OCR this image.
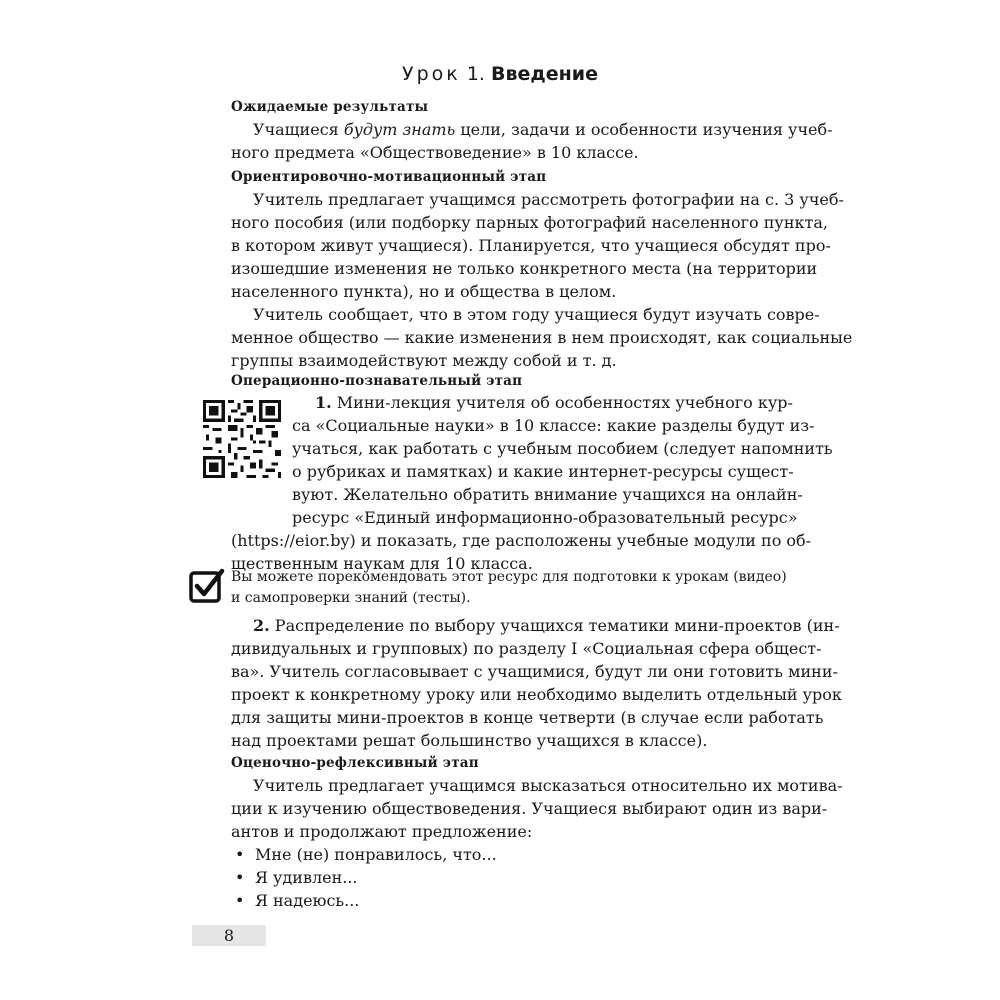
Урок 1. Введение
Ожидаемые результаты
Учащиеся будут знать цели, задачи и особенности изучения учеб-
ного предмета «Обществоведение» в 10 классе.
Ориентировочно-мотивационный этап
Учитель предлагает учащимся рассмотреть фотографии на с. 3 учеб-
ного пособия (или подборку парных фотографий населенного пункта,
в котором живут учащиеся). Планируется, что учащиеся обсудят про-
изошедшие изменения не только конкретного места (на территории
населенного пункта), но и общества в целом.
Учитель сообщает, что в этом году учащиеся будут изучать совре-
менное общество — какие изменения в нем происходят, как социальные
группы взаимодействуют между собой и т. д.
Операционно-познавательный этап
1. Мини-лекция учителя об особенностях учебного кур-
са «Социальные науки» в 10 классе: какие разделы будут из-
учаться, как работать с учебным пособием (следует напомнить
о рубриках и памятках) и какие интернет-ресурсы сущест-
вуют. Желательно обратить внимание учащихся на онлайн-
ресурс «Единый информационно-образовательный ресурс»
(https://eior.by) и показать, где расположены учебные модули по об-
щественным наукам для 10 класса.
Вы можете порекомендовать этот ресурс для подготовки к урокам (видео)
и самопроверки знаний (тесты).
2. Распределение по выбору учащихся тематики мини-проектов (ин-
дивидуальных и групповых) по разделу I «Социальная сфера общест-
ва». Учитель согласовывает с учащимися, будут ли они готовить мини-
проект к конкретному уроку или необходимо выделить отдельный урок
для защиты мини-проектов в конце четверти (в случае если работать
над проектами решат большинство учащихся в классе).
Оценочно-рефлексивный этап
Учитель предлагает учащимся высказаться относительно их мотива-
ции к изучению обществоведения. Учащиеся выбирают один из вари-
антов и продолжают предложение:
• Мне (не) понравилось, что...
• Я удивлен...
• Я надеюсь...
8
